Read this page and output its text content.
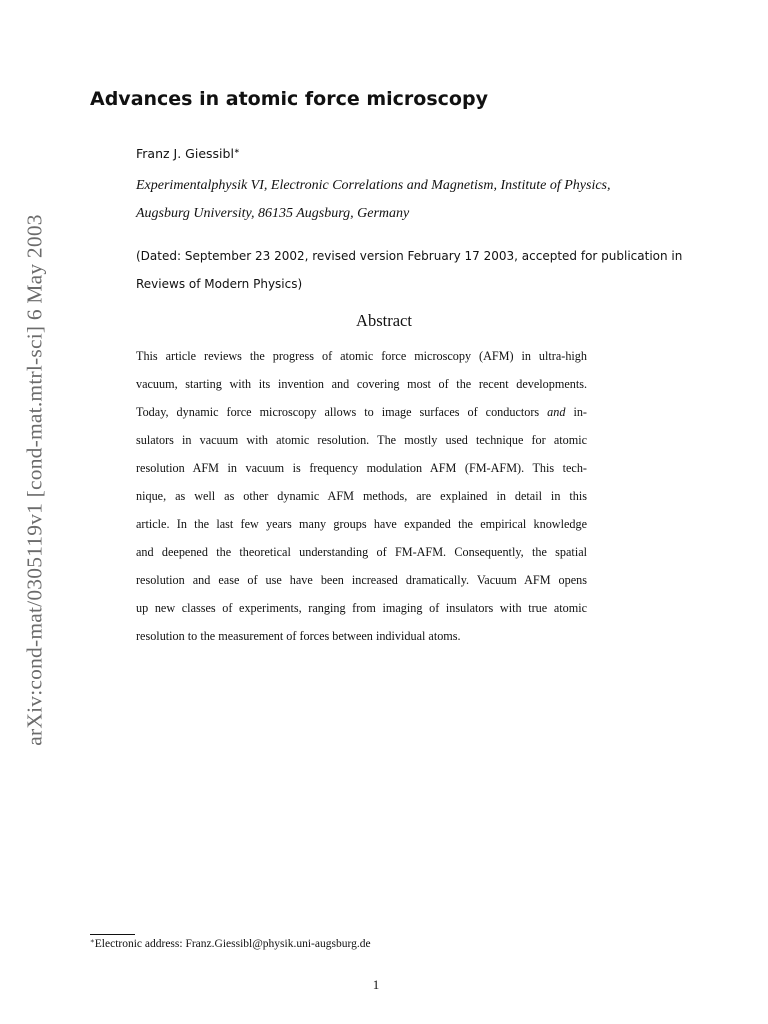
arXiv:cond-mat/0305119v1 [cond-mat.mtrl-sci] 6 May 2003
Advances in atomic force microscopy
Franz J. Giessibl∗
Experimentalphysik VI, Electronic Correlations and Magnetism, Institute of Physics,
Augsburg University, 86135 Augsburg, Germany
(Dated: September 23 2002, revised version February 17 2003, accepted for publication in
Reviews of Modern Physics)
Abstract
This article reviews the progress of atomic force microscopy (AFM) in ultra-high
vacuum, starting with its invention and covering most of the recent developments.
Today, dynamic force microscopy allows to image surfaces of conductors and in-
sulators in vacuum with atomic resolution. The mostly used technique for atomic
resolution AFM in vacuum is frequency modulation AFM (FM-AFM). This tech-
nique, as well as other dynamic AFM methods, are explained in detail in this
article. In the last few years many groups have expanded the empirical knowledge
and deepened the theoretical understanding of FM-AFM. Consequently, the spatial
resolution and ease of use have been increased dramatically. Vacuum AFM opens
up new classes of experiments, ranging from imaging of insulators with true atomic
resolution to the measurement of forces between individual atoms.
∗Electronic address: Franz.Giessibl@physik.uni-augsburg.de
1
